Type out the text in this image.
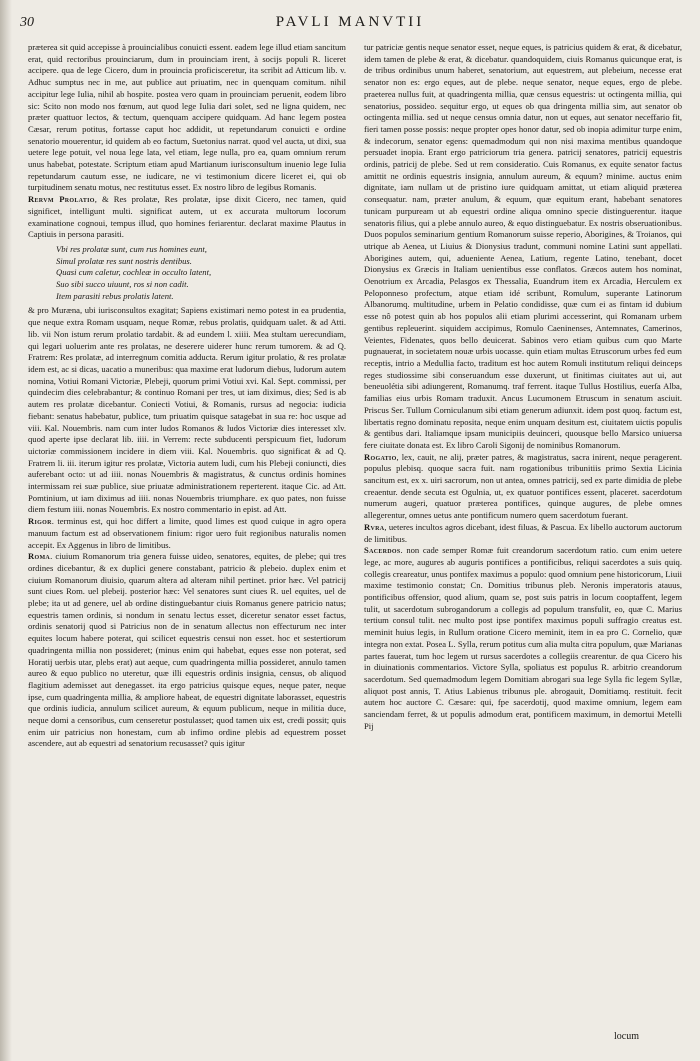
30	PAVLI MANVTII

præterea sit quid accepisse à prouincialibus conuicti essent. eadem lege illud etiam sancitum erat, quid rectoribus prouinciarum, dum in prouinciam irent, à socijs populi R. liceret accipere. qua de lege Cicero, dum in prouincia proficisceretur, ita scribit ad Atticum lib. v. Adhuc sumptus nec in me, aut publice aut priuatim, nec in quenquam comitum. nihil accipitur lege Iulia, nihil ab hospite. postea vero quam in prouinciam peruenit, eodem libro sic: Scito non modo nos fœnum, aut quod lege Iulia dari solet, sed ne ligna quidem, nec præter quattuor lectos, & tectum, quenquam accipere quidquam. Ad hanc legem postea Cæsar, rerum potitus, fortasse caput hoc addidit, ut repetundarum conuicti e ordine senatorio mouerentur, id quidem ab eo factum, Suetonius narrat. quod vel aucta, ut dixi, sua uetere lege potuit, vel noua lege lata, vel etiam, lege nulla, pro ea, quam omnium rerum unus habebat, potestate. Scriptum etiam apud Martianum iurisconsultum inuenio lege Iulia repetundarum cautum esse, ne iudicare, ne vi testimonium dicere liceret ei, qui ob turpitudinem senatu motus, nec restitutus esset. Ex nostro libro de legibus Romanis.

Rervm Prolatio, & Res prolatæ, Res prolatæ, ipse dixit Cicero, nec tamen, quid significet, intelligunt multi. significat autem, ut ex accurata multorum locorum examinatione cognoui, tempus illud, quo homines feriarentur. declarat maxime Plautus in Captiuis in persona parasiti.

Vbi res prolatæ sunt, cum rus homines eunt,
Simul prolatæ res sunt nostris dentibus.
Quasi cum caletur, cochleæ in occulto latent,
Suo sibi succo uiuunt, ros si non cadit.
Item parasiti rebus prolatis latent.

& pro Muræna, ubi iurisconsultos exagitat; Sapiens existimari nemo potest in ea prudentia, que neque extra Romam usquam, neque Romæ, rebus prolatis, quidquam ualet. & ad Atti. lib. vii Non istum rerum prolatio tardabit. & ad eundem l. xiiii. Mea stultam uerecundiam, qui legari uoluerim ante res prolatas, ne deserere uiderer hunc rerum tumorem. & ad Q. Fratrem: Res prolatæ, ad interregnum comitia adducta. Rerum igitur prolatio, & res prolatæ idem est, ac si dicas, uacatio a muneribus: qua maxime erat ludorum diebus, ludorum autem nomina, Votiui Romani Victoriæ, Plebeji, quorum primi Votiui xvi. Kal. Sept. commissi, per quindecim dies celebrabantur; & continuo Romani per tres, ut iam diximus, dies; Sed is ab autem res prolatæ dicebantur. Coniecti Votiui, & Romanis, rursus ad negocia: iudicia fiebant: senatus habebatur, publice, tum priuatim quisque satagebat in sua re: hoc usque ad viii. Kal. Nouembris. nam cum inter ludos Romanos & ludos Victoriæ dies interesset xlv. quod aperte ipse declarat lib. iiii. in Verrem: recte subducenti perspicuum fiet, ludorum uictoriæ commissionem incidere in diem viii. Kal. Nouembris. quo significat & ad Q. Fratrem li. iii. iterum igitur res prolatæ, Victoria autem ludi, cum his Plebeji coniuncti, dies auferebant octo: ut ad iiii. nonas Nouembris & magistratus, & cunctus ordinis homines intermissam rei suæ publice, siue priuatæ administrationem reperterent. itaque Cic. ad Att. Pomtinium, ut iam diximus ad iiii. nonas Nouembris triumphare. ex quo pates, non fuisse diem festum iiii. nonas Nouembris. Ex nostro commentario in epist. ad Att.

Rigor. terminus est, qui hoc differt a limite, quod limes est quod cuique in agro opera manuum factum est ad observationem finium: rigor uero fuit regionibus naturalis nomen accepit. Ex Aggenus in libro de limitibus.

Roma. ciuium Romanorum tria genera fuisse uideo, senatores, equites, de plebe; qui tres ordines dicebantur, & ex duplici genere constabant, patricio & plebeio. duplex enim et ciuium Romanorum diuisio, quarum altera ad alteram nihil pertinet. prior hæc. Vel patricij sunt ciues Rom. uel plebeij. posterior hæc: Vel senatores sunt ciues R. uel equites, uel de plebe; ita ut ad genere, uel ab ordine distinguebantur ciuis Romanus genere patricio natus; equestris tamen ordinis, si nondum in senatu lectus esset, diceretur senator esset factus, ordinis senatorij quod si Patricius non de in senatum allectus non effecturum nec inter equites locum habere poterat, qui scilicet equestris censui non esset. hoc et sestertiorum quadringenta millia non possideret; (minus enim qui habebat, eques esse non poterat, sed Horatij uerbis utar, plebs erat) aut aeque, cum quadringenta millia possideret, annulo tamen aureo & equo publico no uteretur, quæ illi equestris ordinis insignia, census, ob aliquod flagitium ademisset aut denegasset. ita ergo patricius quisque eques, neque pater, neque ipse, cum quadringenta millia, & ampliore habeat, de equestri dignitate laborasset, equestris que ordinis iudicia, annulum scilicet aureum, & equum publicum, neque in militia duce, neque domi a censoribus, cum censeretur postulasset; quod tamen uix est, credi possit; quis enim uir patricius non honestam, cum ab infimo ordine plebis ad equestrem posset ascendere, aut ab equestri ad senatorium recusasset? quis igitur

tur patriciæ gentis neque senator esset, neque eques, is patricius quidem & erat, & dicebatur, idem tamen de plebe & erat, & dicebatur. quandoquidem, ciuis Romanus quicunque erat, is de tribus ordinibus unum haberet, senatorium, aut equestrem, aut plebeium, necesse erat senator non es: ergo eques, aut de plebe. neque senator, neque eques, ergo de plebe. praeterea nullus fuit, at quadringenta millia, quæ census equestris: ut octingenta millia, qui senatorius, possideo. sequitur ergo, ut eques ob qua dringenta millia sim, aut senator ob octingenta millia. sed ut neque census omnia datur, non ut eques, aut senator neceffario fit, fieri tamen posse possis: neque propter opes honor datur, sed ob inopia adimitur turpe enim, & indecorum, senator egens: quemadmodum qui non nisi maxima mentibus quandoque persuadet inopia. Erant ergo patriciorum tria genera. patricij senatores, patricij equestris ordinis, patricij de plebe. Sed ut rem consideratio. Cuis Romanus, ex equite senator factus amittit ne ordinis equestris insignia, annulum aureum, & equum? minime. auctus enim dignitate, iam nullam ut de pristino iure quidquam amittat, ut etiam aliquid præterea consequatur. nam, præter anulum, & equum, quæ equitum erant, habebant senatores tunicam purpuream ut ab equestri ordine aliqua omnino specie distinguerentur. itaque senatoris filius, qui a plebe annulo aureo, & equo distinguebatur. Ex nostris obseruationibus. Duos populos seminarium gentium Romanorum suisse reperio, Aborigines, & Troianos, qui utrique ab Aenea, ut Liuius & Dionysius tradunt, communi nomine Latini sunt appellati. Aborigines autem, qui, adueniente Aenea, Latium, regente Latino, tenebant, docet Dionysius ex Græcis in Italiam uenientibus esse conflatos. Græcos autem hos nominat, Oenotrium ex Arcadia, Pelasgos ex Thessalia, Euandrum item ex Arcadia, Herculem ex Peloponneso profectum, atque etiam idé scribunt, Romulum, superante Latinorum Albanorumq. multitudine, urbem in Pelatio condidisse, quæ cum ei as fintam id dubium esse nô potest quin ab hos populos alii etiam plurimi accesserint, qui Romanam urbem gentibus repleuerint. siquidem accipimus, Romulo Caeninenses, Antemnates, Camerinos, Veientes, Fidenates, quos bello deuicerat. Sabinos vero etiam quibus cum quo Marte pugnauerat, in societatem nouæ urbis uocasse. quin etiam multas Etruscorum urbes fed eum receptis, intrio a Medullia facto, traditum est hoc autem Romuli institutum reliqui deinceps reges studiossime sibi conseruandum esse duxerunt, ut finitimas ciuitates aut ui, aut beneuolétia sibi adiungerent, Romanumq. traf ferrent. itaque Tullus Hostilius, euerſa Alba, familias eius urbis Romam traduxit. Ancus Lucumonem Etruscum in senatum asciuit. Priscus Ser. Tullum Corniculanum sibi etiam generum adiunxit. idem post quoq. factum est, libertatis regno dominatu reposita, neque enim unquam desitum est, ciuitatem uictis populis & gentibus dari. Italiamque ipsam municipiis deuinceri, quousque bello Marsico uniuersa fere ciuitate donata est. Ex libro Caroli Sigonij de nominibus Romanorum.

Rogatio, lex, cauit, ne alij, præter patres, & magistratus, sacra inirent, neque peragerent. populus plebisq. quoque sacra fuit. nam rogationibus tribunitiis primo Sextia Licinia sancitum est, ex x. uiri sacrorum, non ut antea, omnes patricij, sed ex parte dimidia de plebe creaentur. dende secuta est Ogulnia, ut, ex quatuor pontifices essent, placeret. sacerdotum numerum augeri, quatuor præterea pontifices, quinque augures, de plebe omnes allegerentur, omnes uetus ante pontificum numero quem sacerdotum fuerant.

Rvra, ueteres incultos agros dicebant, idest filuas, & Pascua. Ex libello auctorum auctorum de limitibus.

Sacerdos. non cade semper Romæ fuit creandorum sacerdotum ratio. cum enim uetere lege, ac more, augures ab auguris pontifices a pontificibus, reliqui sacerdotes a suis quiq. collegis creareatur, unus pontifex maximus a populo: quod omnium pene historicorum, Liuii maxime testimonio constat; Cn. Domitius tribunus pleb. Neronis imperatoris atauus, pontificibus offensior, quod alium, quam se, post suis patris in locum cooptaffent, legem tulit, ut sacerdotum subrogandorum a collegis ad populum transfulit, eo, quæ C. Marius tertium consul tulit. nec multo post ipse pontifex maximus populi suffragio creatus est. meminit huius legis, in Rullum oratione Cicero meminit, item in ea pro C. Cornelio, quæ integra non extat. Posea L. Sylla, rerum potitus cum alia multa citra populum, quæ Marianas partes fauerat, tum hoc legem ut rursus sacerdotes a collegiis crearentur. de qua Cicero his in diuinationis commentarios. Victore Sylla, spoliatus est populus R. arbitrio creandorum sacerdotum. Sed quemadmodum legem Domitiam abrogari sua lege Sylla fic legem Syllæ, aliquot post annis, T. Atius Labienus tribunus ple. abrogauit, Domitiamq. restituit. fecit autem hoc auctore C. Cæsare: qui, fpe sacerdotij, quod maxime omnium, legem eam sanciendam ferret, & ut populis admodum erat, pontificem maximum, in demortui Metelli Pij

locum
